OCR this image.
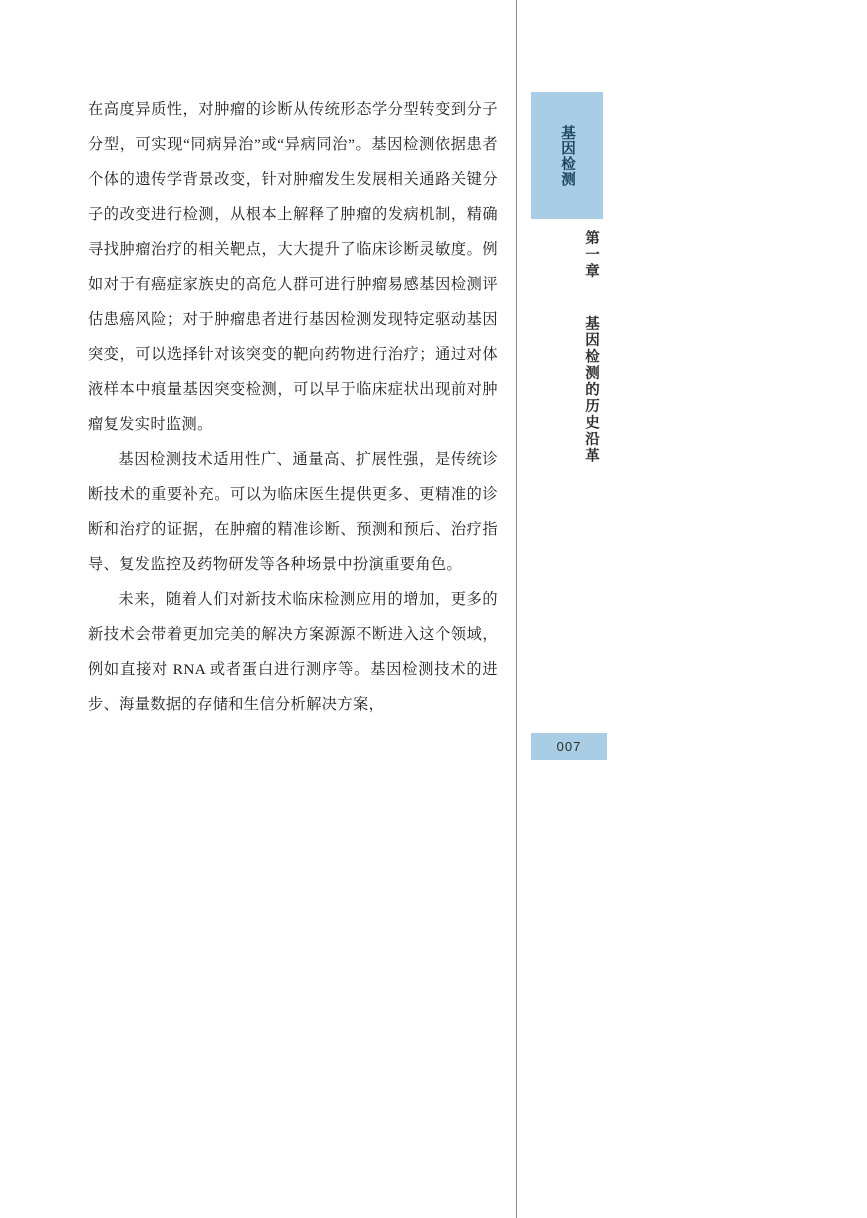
在高度异质性，对肿瘤的诊断从传统形态学分型转变到分子分型，可实现“同病异治”或“异病同治”。基因检测依据患者个体的遗传学背景改变，针对肿瘤发生发展相关通路关键分子的改变进行检测，从根本上解释了肿瘤的发病机制，精确寻找肿瘤治疗的相关靶点，大大提升了临床诊断灵敏度。例如对于有癌症家族史的高危人群可进行肿瘤易感基因检测评估患癌风险；对于肿瘤患者进行基因检测发现特定驱动基因突变，可以选择针对该突变的靶向药物进行治疗；通过对体液样本中痕量基因突变检测，可以早于临床症状出现前对肿瘤复发实时监测。

基因检测技术适用性广、通量高、扩展性强，是传统诊断技术的重要补充。可以为临床医生提供更多、更精准的诊断和治疗的证据，在肿瘤的精准诊断、预测和预后、治疗指导、复发监控及药物研发等各种场景中扮演重要角色。

未来，随着人们对新技术临床检测应用的增加，更多的新技术会带着更加完美的解决方案源源不断进入这个领域，例如直接对 RNA 或者蛋白进行测序等。基因检测技术的进步、海量数据的存储和生信分析解决方案，

基因检测
第一章  基因检测的历史沿革
007
